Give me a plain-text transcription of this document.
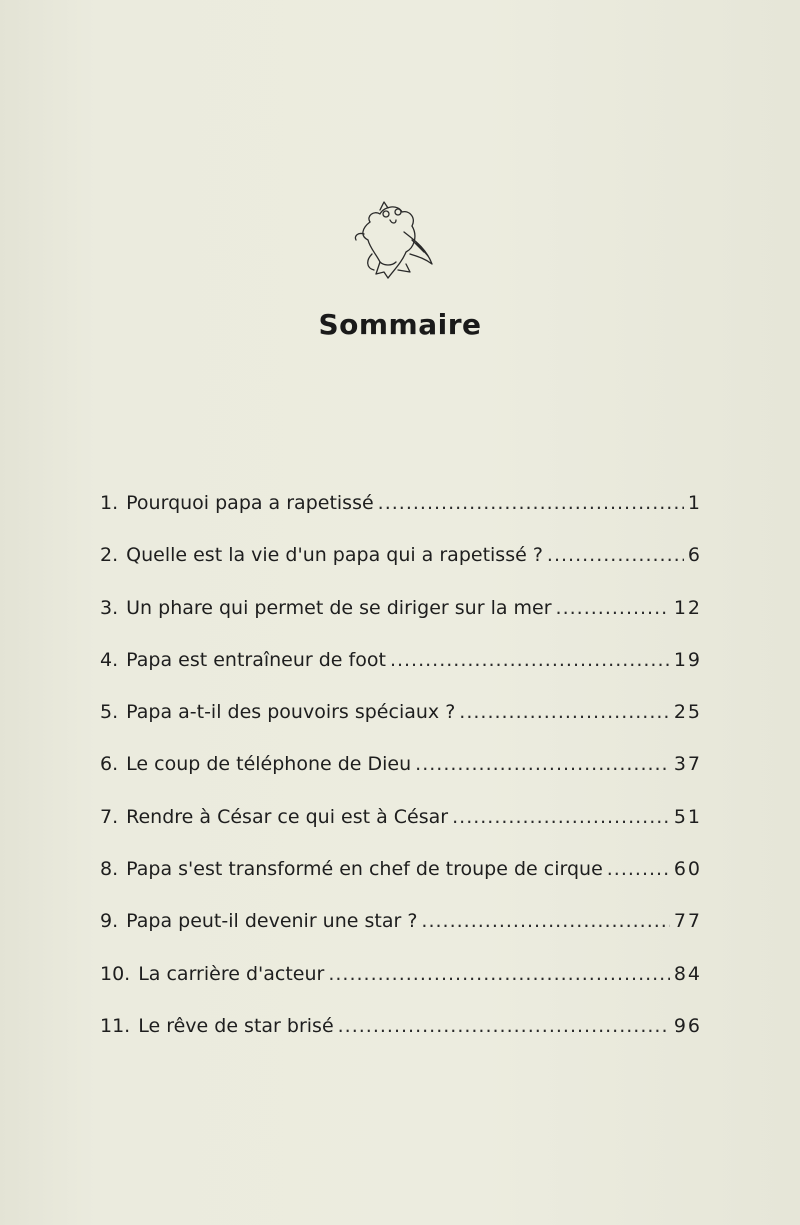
Sommaire
1. Pourquoi papa a rapetissé .....	1
2. Quelle est la vie d'un papa qui a rapetissé ? .....	6
3. Un phare qui permet de se diriger sur la mer .....	12
4. Papa est entraîneur de foot .....	19
5. Papa a-t-il des pouvoirs spéciaux ? .....	25
6. Le coup de téléphone de Dieu .....	37
7. Rendre à César ce qui est à César .....	51
8. Papa s'est transformé en chef de troupe de cirque .....	60
9. Papa peut-il devenir une star ? .....	77
10. La carrière d'acteur .....	84
11. Le rêve de star brisé .....	96
